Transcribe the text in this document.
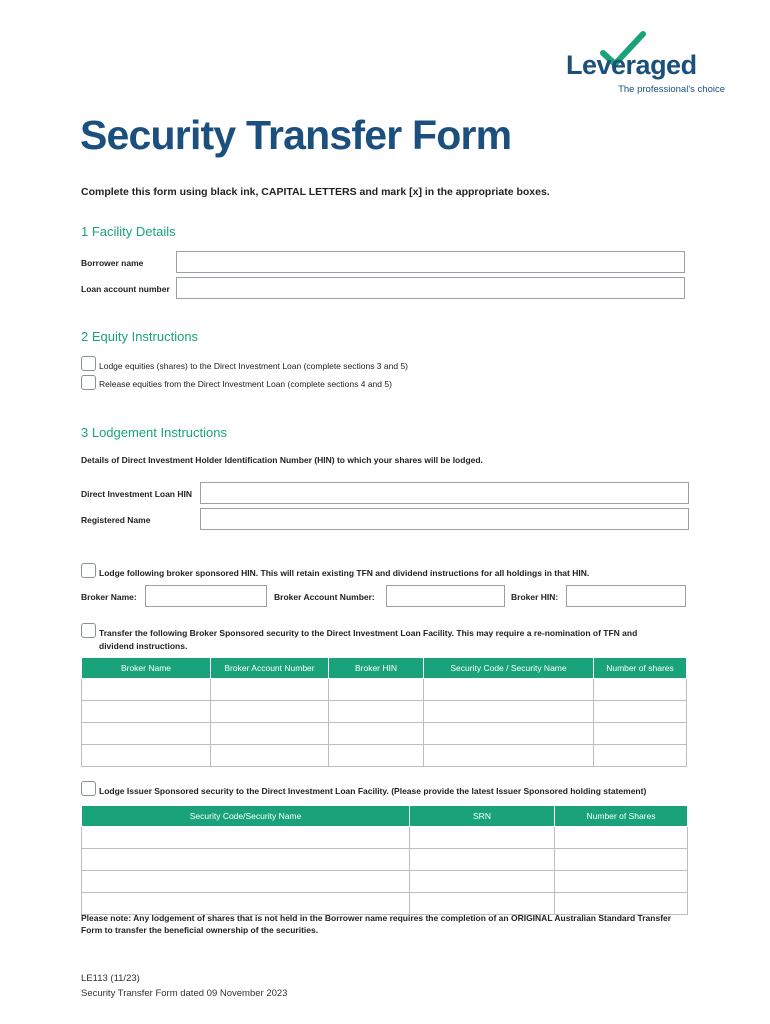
Leveraged
The professional's choice
Security Transfer Form
Complete this form using black ink, CAPITAL LETTERS and mark [x] in the appropriate boxes.
1 Facility Details
Borrower name
Loan account number
2 Equity Instructions
Lodge equities (shares) to the Direct Investment Loan (complete sections 3 and 5)
Release equities from the Direct Investment Loan (complete sections 4 and 5)
3 Lodgement Instructions
Details of Direct Investment Holder Identification Number (HIN) to which your shares will be lodged.
Direct Investment Loan HIN
Registered Name
Lodge following broker sponsored HIN. This will retain existing TFN and dividend instructions for all holdings in that HIN.
Broker Name:	Broker Account Number:	Broker HIN:
Transfer the following Broker Sponsored security to the Direct Investment Loan Facility. This may require a re-nomination of TFN and
dividend instructions.
Broker Name	Broker Account Number	Broker HIN	Security Code / Security Name	Number of shares

Lodge Issuer Sponsored security to the Direct Investment Loan Facility. (Please provide the latest Issuer Sponsored holding statement)
Security Code/Security Name	SRN	Number of Shares

Please note: Any lodgement of shares that is not held in the Borrower name requires the completion of an ORIGINAL Australian Standard Transfer Form to transfer the beneficial ownership of the securities.
LE113 (11/23)
Security Transfer Form dated 09 November 2023
